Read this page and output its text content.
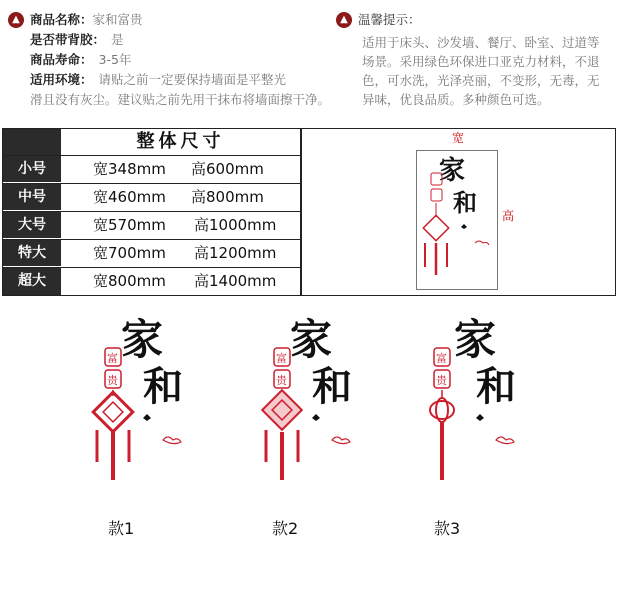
▲ 商品名称： 家和富贵
是否带背胶： 是
商品寿命： 3-5年
适用环境： 请贴之前一定要保持墙面是平整光
滑且没有灰尘。建议贴之前先用干抹布将墙面擦干净。
▲ 温馨提示：
适用于床头、沙发墙、餐厅、卧室、过道等
场景。采用绿色环保进口亚克力材料，不退
色，可水洗，光泽亮丽，不变形，无毒，无
异味，优良品质。多种颜色可选。
整体尺寸
小号	宽348mm 高600mm
中号	宽460mm 高800mm
大号	宽570mm 高1000mm
特大	宽700mm 高1200mm
超大	宽800mm 高1400mm
宽
高
家
和
家
和
富
贵
家
和
富
贵
家
和
富
贵
款1	款2	款3
